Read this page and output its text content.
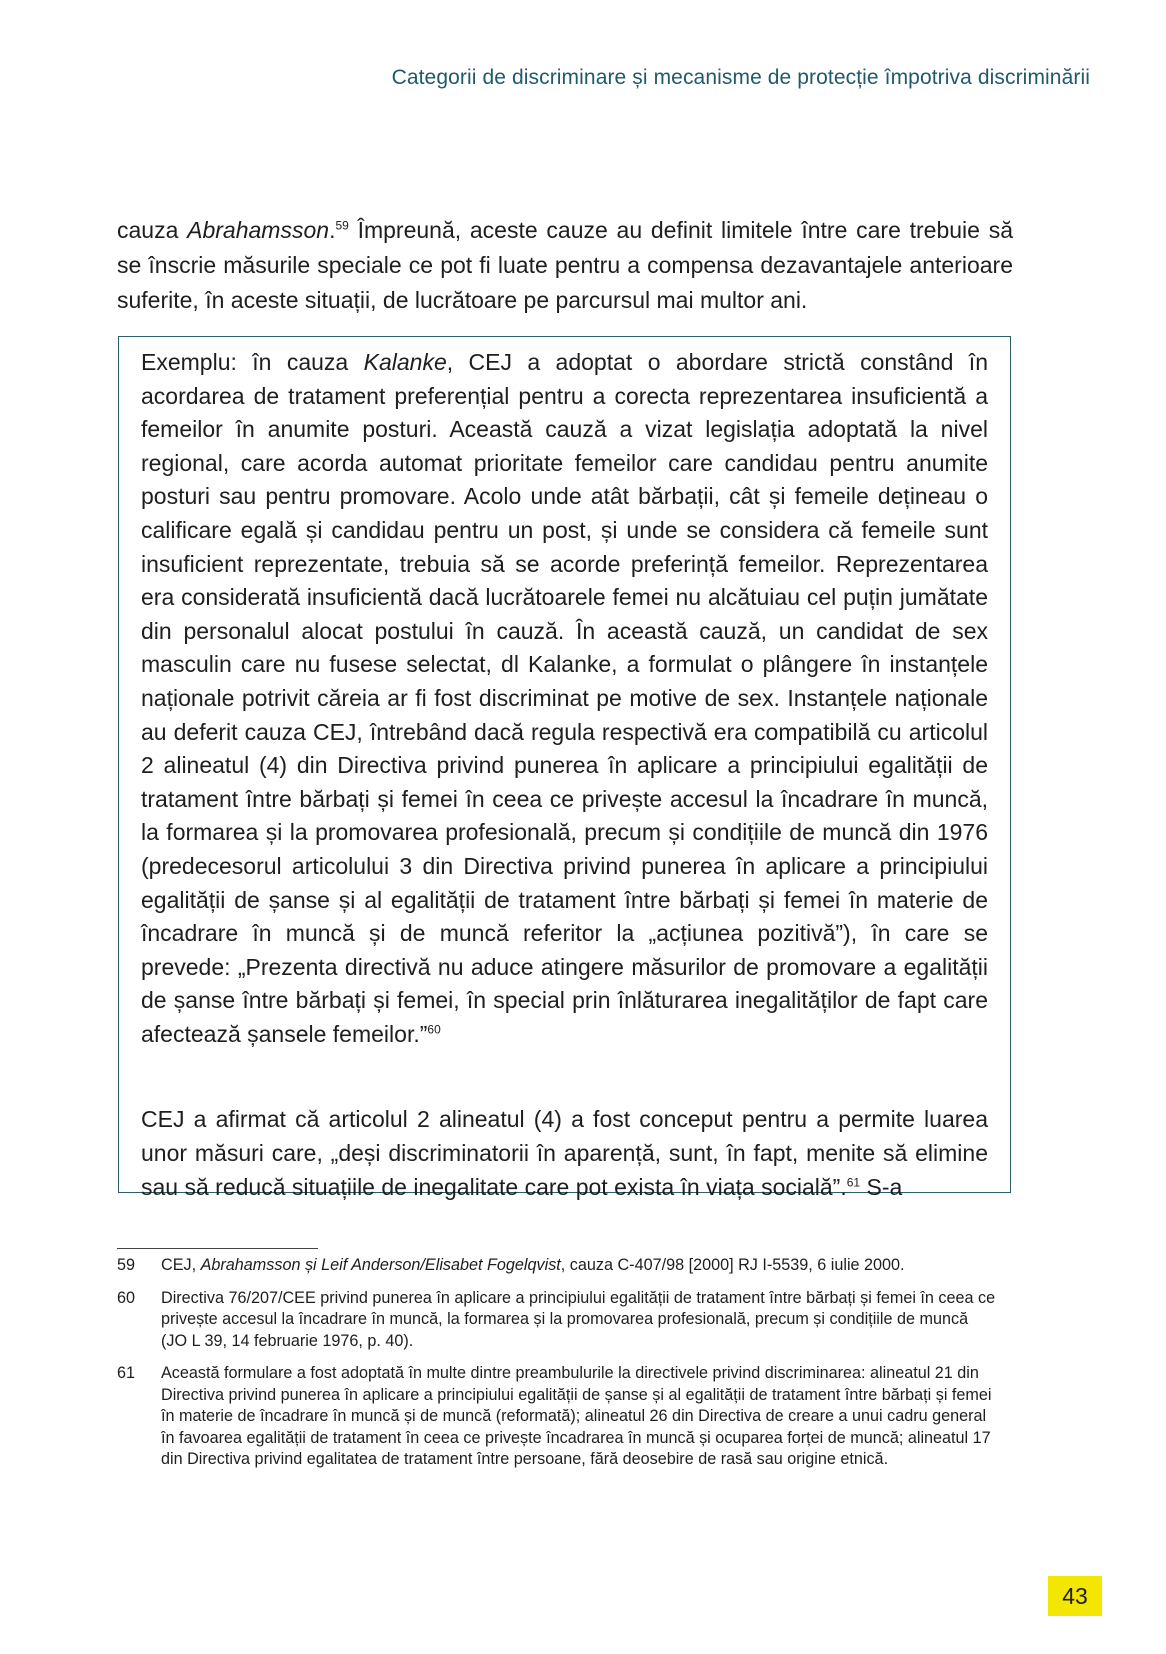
Categorii de discriminare și mecanisme de protecție împotriva discriminării

cauza Abrahamsson.$^{59}$ Împreună, aceste cauze au definit limitele între care trebuie să se înscrie măsurile speciale ce pot fi luate pentru a compensa dezavantajele anterioare suferite, în aceste situații, de lucrătoare pe parcursul mai multor ani.

Exemplu: în cauza Kalanke, CEJ a adoptat o abordare strictă constând în acordarea de tratament preferențial pentru a corecta reprezentarea insuficientă a femeilor în anumite posturi. Această cauză a vizat legislația adoptată la nivel regional, care acorda automat prioritate femeilor care candidau pentru anumite posturi sau pentru promovare. Acolo unde atât bărbații, cât și femeile dețineau o calificare egală și candidau pentru un post, și unde se considera că femeile sunt insuficient reprezentate, trebuia să se acorde preferință femeilor. Reprezentarea era considerată insuficientă dacă lucrătoarele femei nu alcătuiau cel puțin jumătate din personalul alocat postului în cauză. În această cauză, un candidat de sex masculin care nu fusese selectat, dl Kalanke, a formulat o plângere în instanțele naționale potrivit căreia ar fi fost discriminat pe motive de sex. Instanțele naționale au deferit cauza CEJ, întrebând dacă regula respectivă era compatibilă cu articolul 2 alineatul (4) din Directiva privind punerea în aplicare a principiului egalității de tratament între bărbați și femei în ceea ce privește accesul la încadrare în muncă, la formarea și la promovarea profesională, precum și condițiile de muncă din 1976 (predecesorul articolului 3 din Directiva privind punerea în aplicare a principiului egalității de șanse și al egalității de tratament între bărbați și femei în materie de încadrare în muncă și de muncă referitor la „acțiunea pozitivă”), în care se prevede: „Prezenta directivă nu aduce atingere măsurilor de promovare a egalității de șanse între bărbați și femei, în special prin înlăturarea inegalităților de fapt care afectează șansele femeilor.”$^{60}$

CEJ a afirmat că articolul 2 alineatul (4) a fost conceput pentru a permite luarea unor măsuri care, „deși discriminatorii în aparență, sunt, în fapt, menite să elimine sau să reducă situațiile de inegalitate care pot exista în viața socială”.$^{61}$ S-a

59	CEJ, Abrahamsson și Leif Anderson/Elisabet Fogelqvist, cauza C-407/98 [2000] RJ I-5539, 6 iulie 2000.
60	Directiva 76/207/CEE privind punerea în aplicare a principiului egalității de tratament între bărbați și femei în ceea ce privește accesul la încadrare în muncă, la formarea și la promovarea profesională, precum și condițiile de muncă (JO L 39, 14 februarie 1976, p. 40).
61	Această formulare a fost adoptată în multe dintre preambulurile la directivele privind discriminarea: alineatul 21 din Directiva privind punerea în aplicare a principiului egalității de șanse și al egalității de tratament între bărbați și femei în materie de încadrare în muncă și de muncă (reformată); alineatul 26 din Directiva de creare a unui cadru general în favoarea egalității de tratament în ceea ce privește încadrarea în muncă și ocuparea forței de muncă; alineatul 17 din Directiva privind egalitatea de tratament între persoane, fără deosebire de rasă sau origine etnică.
43
